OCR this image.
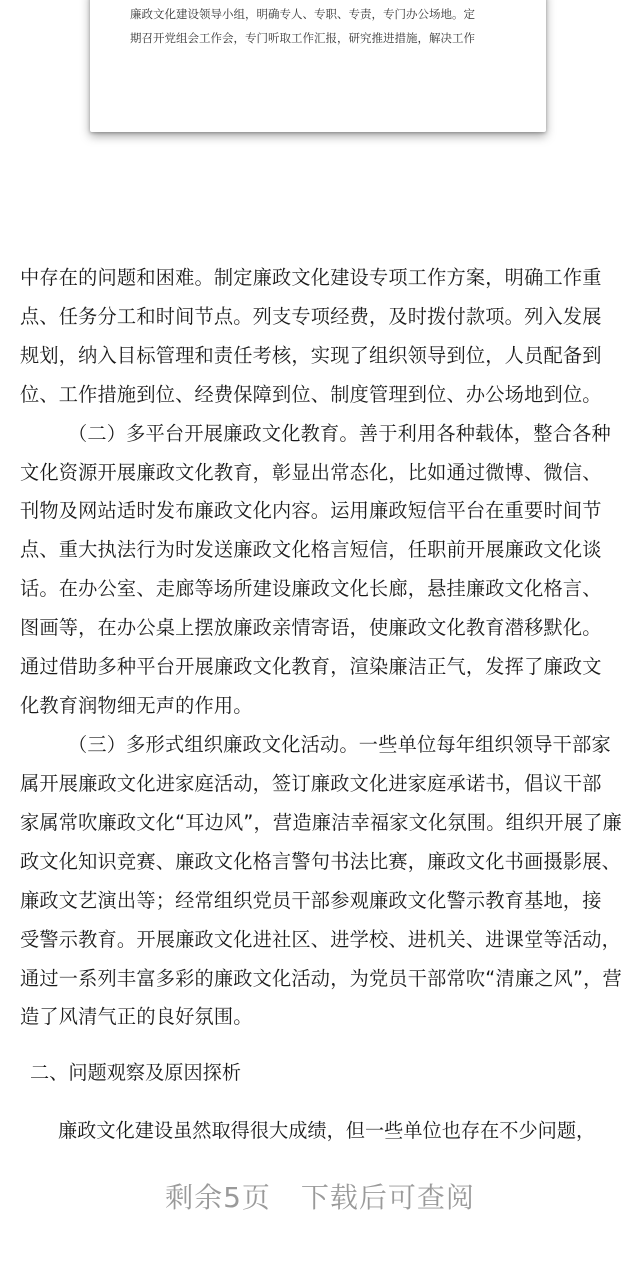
廉政文化建设领导小组，明确专人、专职、专责，专门办公场地。定
期召开党组会工作会，专门听取工作汇报，研究推进措施，解决工作
中存在的问题和困难。制定廉政文化建设专项工作方案，明确工作重
点、任务分工和时间节点。列支专项经费，及时拨付款项。列入发展
规划，纳入目标管理和责任考核，实现了组织领导到位，人员配备到
位、工作措施到位、经费保障到位、制度管理到位、办公场地到位。
（二）多平台开展廉政文化教育。善于利用各种载体，整合各种
文化资源开展廉政文化教育，彰显出常态化，比如通过微博、微信、
刊物及网站适时发布廉政文化内容。运用廉政短信平台在重要时间节
点、重大执法行为时发送廉政文化格言短信，任职前开展廉政文化谈
话。在办公室、走廊等场所建设廉政文化长廊，悬挂廉政文化格言、
图画等，在办公桌上摆放廉政亲情寄语，使廉政文化教育潜移默化。
通过借助多种平台开展廉政文化教育，渲染廉洁正气，发挥了廉政文
化教育润物细无声的作用。
（三）多形式组织廉政文化活动。一些单位每年组织领导干部家
属开展廉政文化进家庭活动，签订廉政文化进家庭承诺书，倡议干部
家属常吹廉政文化“耳边风”，营造廉洁幸福家文化氛围。组织开展了廉
政文化知识竞赛、廉政文化格言警句书法比赛，廉政文化书画摄影展、
廉政文艺演出等；经常组织党员干部参观廉政文化警示教育基地，接
受警示教育。开展廉政文化进社区、进学校、进机关、进课堂等活动，
通过一系列丰富多彩的廉政文化活动，为党员干部常吹“清廉之风”，营
造了风清气正的良好氛围。
二、问题观察及原因探析
廉政文化建设虽然取得很大成绩，但一些单位也存在不少问题，
剩余5页 下载后可查阅
